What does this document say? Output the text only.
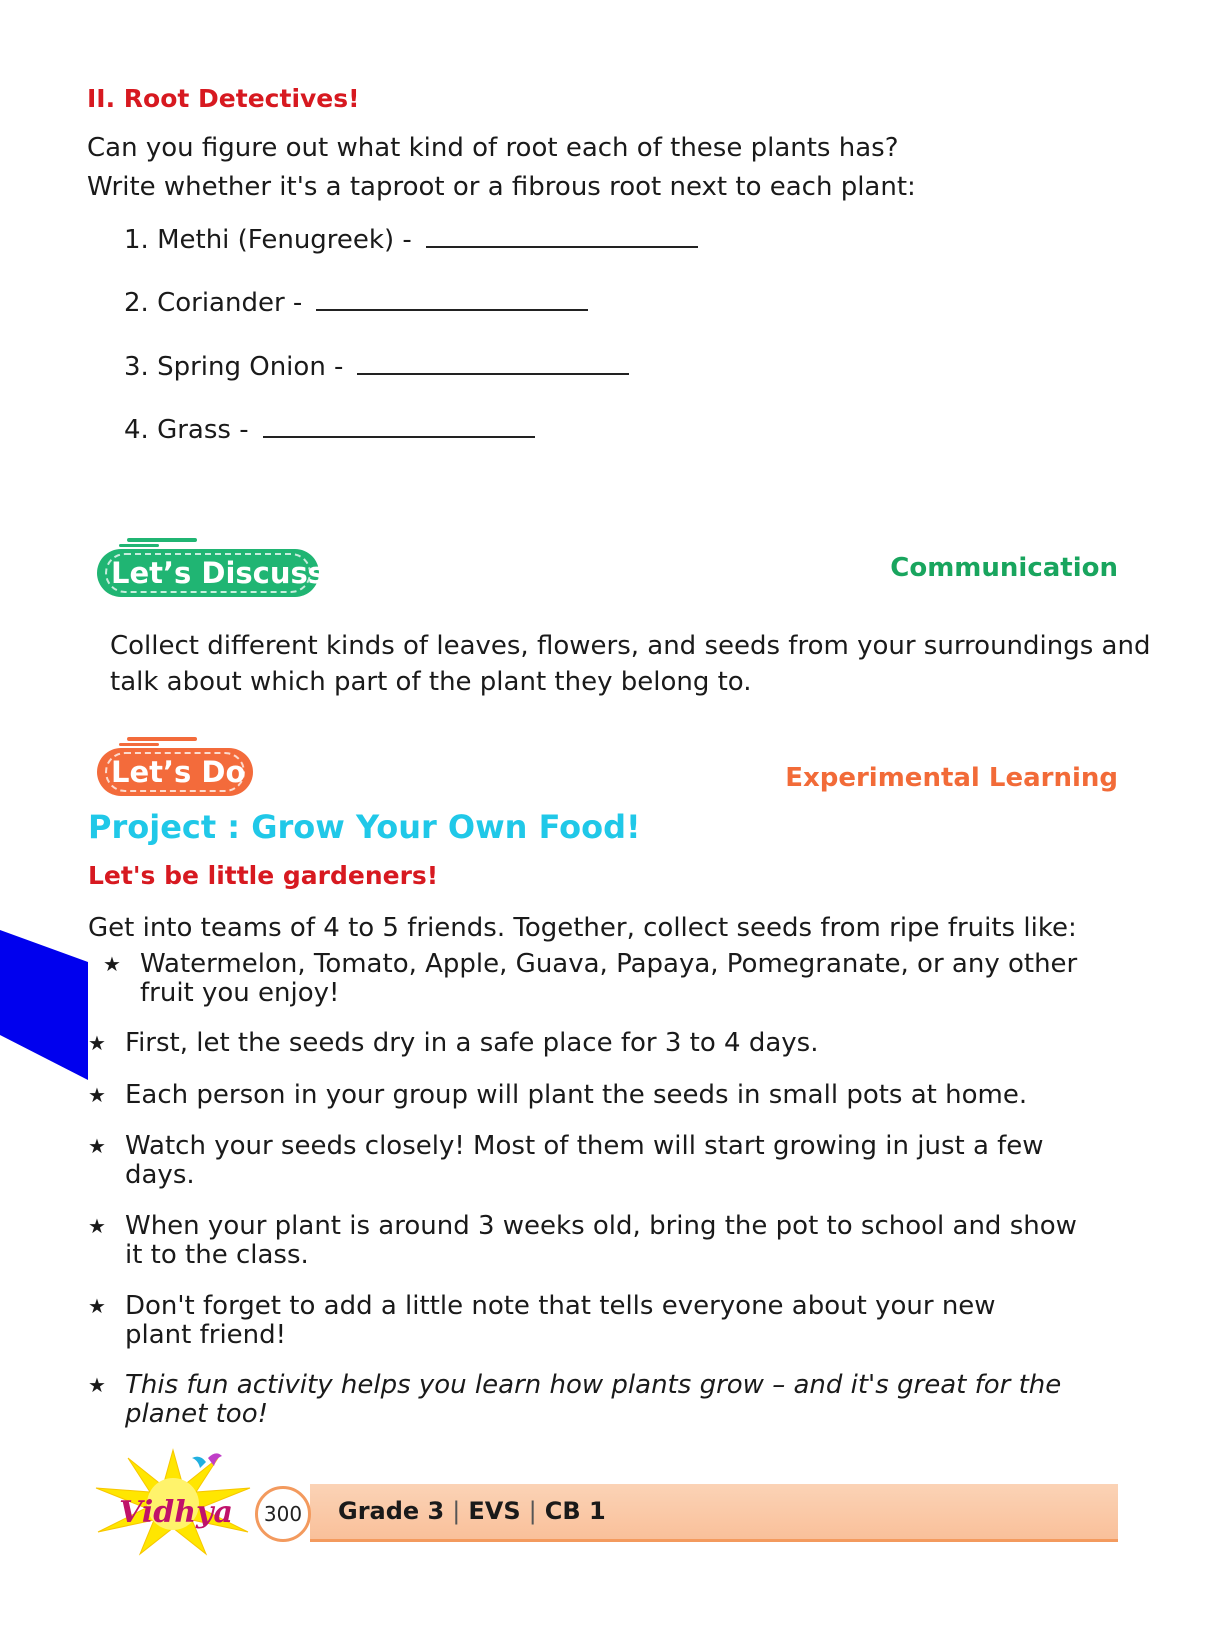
II. Root Detectives!
Can you figure out what kind of root each of these plants has?
Write whether it's a taproot or a fibrous root next to each plant:
1. Methi (Fenugreek) -
2. Coriander -
3. Spring Onion -
4. Grass -
Let’s Discuss	Communication
Collect different kinds of leaves, flowers, and seeds from your surroundings and talk about which part of the plant they belong to.
Let’s Do	Experimental Learning
Project : Grow Your Own Food!
Let's be little gardeners!
Get into teams of 4 to 5 friends. Together, collect seeds from ripe fruits like:
★ Watermelon, Tomato, Apple, Guava, Papaya, Pomegranate, or any other fruit you enjoy!
★ First, let the seeds dry in a safe place for 3 to 4 days.
★ Each person in your group will plant the seeds in small pots at home.
★ Watch your seeds closely! Most of them will start growing in just a few days.
★ When your plant is around 3 weeks old, bring the pot to school and show it to the class.
★ Don't forget to add a little note that tells everyone about your new plant friend!
★ This fun activity helps you learn how plants grow – and it's great for the planet too!
Vidhya	300	Grade 3 | EVS | CB 1
